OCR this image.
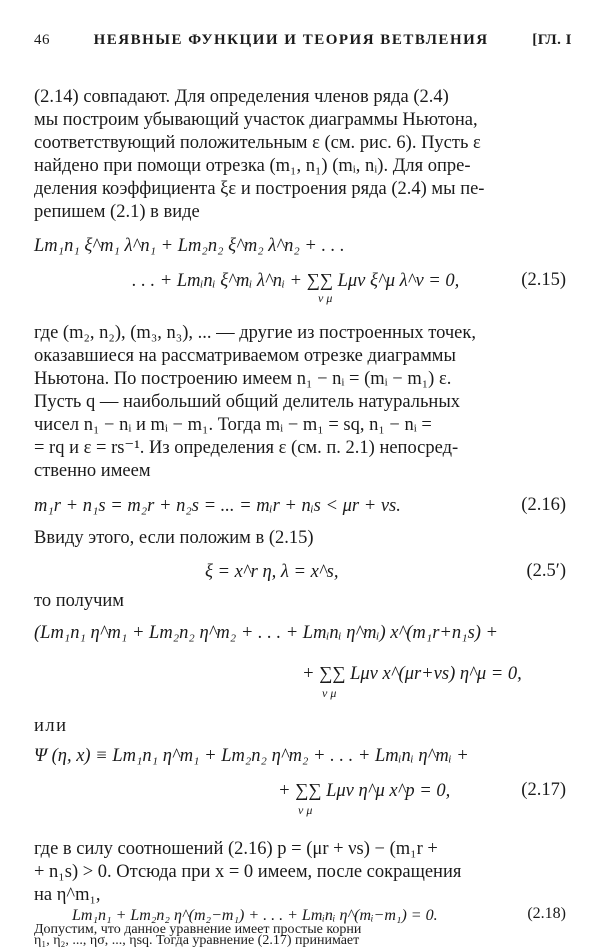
46	НЕЯВНЫЕ ФУНКЦИИ И ТЕОРИЯ ВЕТВЛЕНИЯ	[ГЛ. I
(2.14) совпадают. Для определения членов ряда (2.4)
мы построим убывающий участок диаграммы Ньютона,
соответствующий положительным ε (см. рис. 6). Пусть ε
найдено при помощи отрезка (m₁, n₁) (mᵢ, nᵢ). Для опре-
деления коэффициента ξε и построения ряда (2.4) мы пе-
репишем (2.1) в виде
Lm₁n₁ ξ^m₁ λ^n₁ + Lm₂n₂ ξ^m₂ λ^n₂ + . . .
. . . + Lmᵢnᵢ ξ^mᵢ λ^nᵢ + ∑∑ Lμν ξ^μ λ^ν = 0,
ν μ
(2.15)
где (m₂, n₂), (m₃, n₃), ... — другие из построенных точек,
оказавшиеся на рассматриваемом отрезке диаграммы
Ньютона. По построению имеем n₁ − nᵢ = (mᵢ − m₁) ε.
Пусть q — наибольший общий делитель натуральных
чисел n₁ − nᵢ и mᵢ − m₁. Тогда mᵢ − m₁ = sq, n₁ − nᵢ =
= rq и ε = rs⁻¹. Из определения ε (см. п. 2.1) непосред-
ственно имеем
m₁r + n₁s = m₂r + n₂s = ... = mᵢr + nᵢs < μr + νs.	(2.16)
Ввиду этого, если положим в (2.15)
ξ = x^r η, λ = x^s,	(2.5′)
то получим
(Lm₁n₁ η^m₁ + Lm₂n₂ η^m₂ + . . . + Lmᵢnᵢ η^mᵢ) x^(m₁r+n₁s) +
+ ∑∑ Lμν x^(μr+νs) η^μ = 0,
ν μ
или
Ψ (η, x) ≡ Lm₁n₁ η^m₁ + Lm₂n₂ η^m₂ + . . . + Lmᵢnᵢ η^mᵢ +
+ ∑∑ Lμν η^μ x^p = 0,
ν μ
(2.17)
где в силу соотношений (2.16) p = (μr + νs) − (m₁r +
+ n₁s) > 0. Отсюда при x = 0 имеем, после сокращения
на η^m₁,
Lm₁n₁ + Lm₂n₂ η^(m₂−m₁) + . . . + Lmᵢnᵢ η^(mᵢ−m₁) = 0.	(2.18)
Допустим, что данное уравнение имеет простые корни
η₁, η₂, ..., ησ, ..., ηsq. Тогда уравнение (2.17) принимает
